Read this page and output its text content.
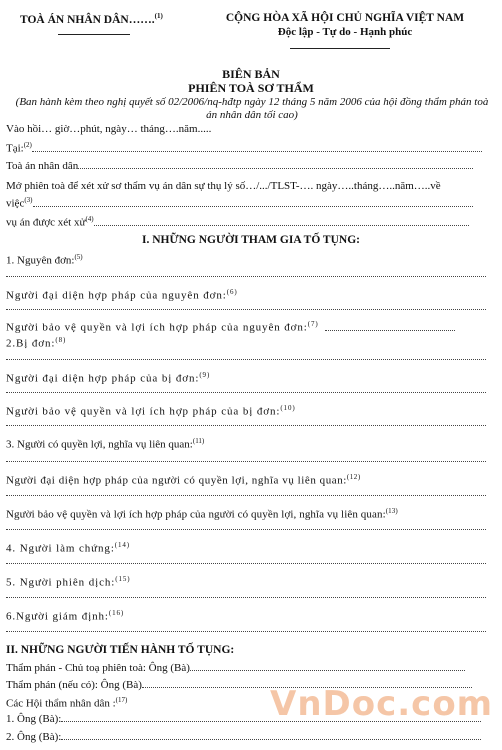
TOÀ ÁN NHÂN DÂN…….$^{(1)}$	CỘNG HÒA XÃ HỘI CHỦ NGHĨA VIỆT NAM
Độc lập - Tự do - Hạnh phúc
BIÊN BẢN
PHIÊN TOÀ SƠ THẨM
(Ban hành kèm theo nghị quyết số 02/2006/nq-hđtp ngày 12 tháng 5 năm 2006 của hội đồng thẩm phán toà án nhân dân tối cao)
Vào hồi… giờ…phút, ngày… tháng….năm.....
Tại:$^{(2)}$
Toà án nhân dân
Mở phiên toà để xét xử sơ thẩm vụ án dân sự thụ lý số…/.../TLST-…. ngày…..tháng…..năm…..về
việc$^{(3)}$
vụ án được xét xử$^{(4)}$
I. NHỮNG NGƯỜI THAM GIA TỐ TỤNG:
1. Nguyên đơn:$^{(5)}$
Người đại diện hợp pháp của nguyên đơn:$^{(6)}$
Người bảo vệ quyền và lợi ích hợp pháp của nguyên đơn:$^{(7)}$
2.Bị đơn:$^{(8)}$
Người đại diện hợp pháp của bị đơn:$^{(9)}$
Người bảo vệ quyền và lợi ích hợp pháp của bị đơn:$^{(10)}$
3. Người có quyền lợi, nghĩa vụ liên quan:$^{(11)}$
Người đại diện hợp pháp của người có quyền lợi, nghĩa vụ liên quan:$^{(12)}$
Người bảo vệ quyền và lợi ích hợp pháp của người có quyền lợi, nghĩa vụ liên quan:$^{(13)}$
4. Người làm chứng:$^{(14)}$
5. Người phiên dịch:$^{(15)}$
6.Người giám định:$^{(16)}$
II. NHỮNG NGƯỜI TIẾN HÀNH TỐ TỤNG:
Thẩm phán - Chủ toạ phiên toà: Ông (Bà)
Thẩm phán (nếu có): Ông (Bà)
Các Hội thẩm nhân dân :$^{(17)}$
1. Ông (Bà):
2. Ông (Bà):
VnDoc.com
